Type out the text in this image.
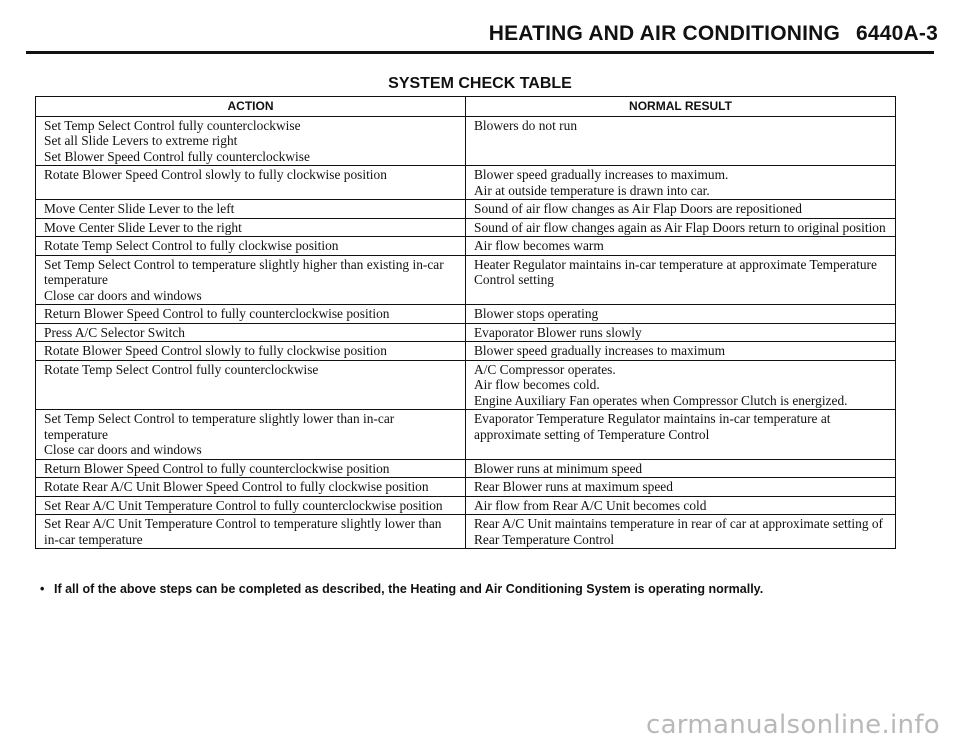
HEATING AND AIR CONDITIONING 6440A-3
SYSTEM CHECK TABLE
ACTION	NORMAL RESULT

Set Temp Select Control fully counterclockwise
Set all Slide Levers to extreme right
Set Blower Speed Control fully counterclockwise	Blowers do not run

Rotate Blower Speed Control slowly to fully clockwise position	Blower speed gradually increases to maximum.
Air at outside temperature is drawn into car.

Move Center Slide Lever to the left	Sound of air flow changes as Air Flap Doors are repositioned

Move Center Slide Lever to the right	Sound of air flow changes again as Air Flap Doors return to original position

Rotate Temp Select Control to fully clockwise position	Air flow becomes warm

Set Temp Select Control to temperature slightly higher than existing in-car temperature
Close car doors and windows	Heater Regulator maintains in-car temperature at approximate Temperature Control setting

Return Blower Speed Control to fully counterclockwise position	Blower stops operating

Press A/C Selector Switch	Evaporator Blower runs slowly

Rotate Blower Speed Control slowly to fully clockwise position	Blower speed gradually increases to maximum

Rotate Temp Select Control fully counterclockwise	A/C Compressor operates.
Air flow becomes cold.
Engine Auxiliary Fan operates when Compressor Clutch is energized.

Set Temp Select Control to temperature slightly lower than in-car temperature
Close car doors and windows	Evaporator Temperature Regulator maintains in-car temperature at approximate setting of Temperature Control

Return Blower Speed Control to fully counterclockwise position	Blower runs at minimum speed

Rotate Rear A/C Unit Blower Speed Control to fully clockwise position	Rear Blower runs at maximum speed

Set Rear A/C Unit Temperature Control to fully counterclockwise position	Air flow from Rear A/C Unit becomes cold

Set Rear A/C Unit Temperature Control to temperature slightly lower than in-car temperature	Rear A/C Unit maintains temperature in rear of car at approximate setting of Rear Temperature Control
• If all of the above steps can be completed as described, the Heating and Air Conditioning System is operating normally.
carmanualsonline.info
